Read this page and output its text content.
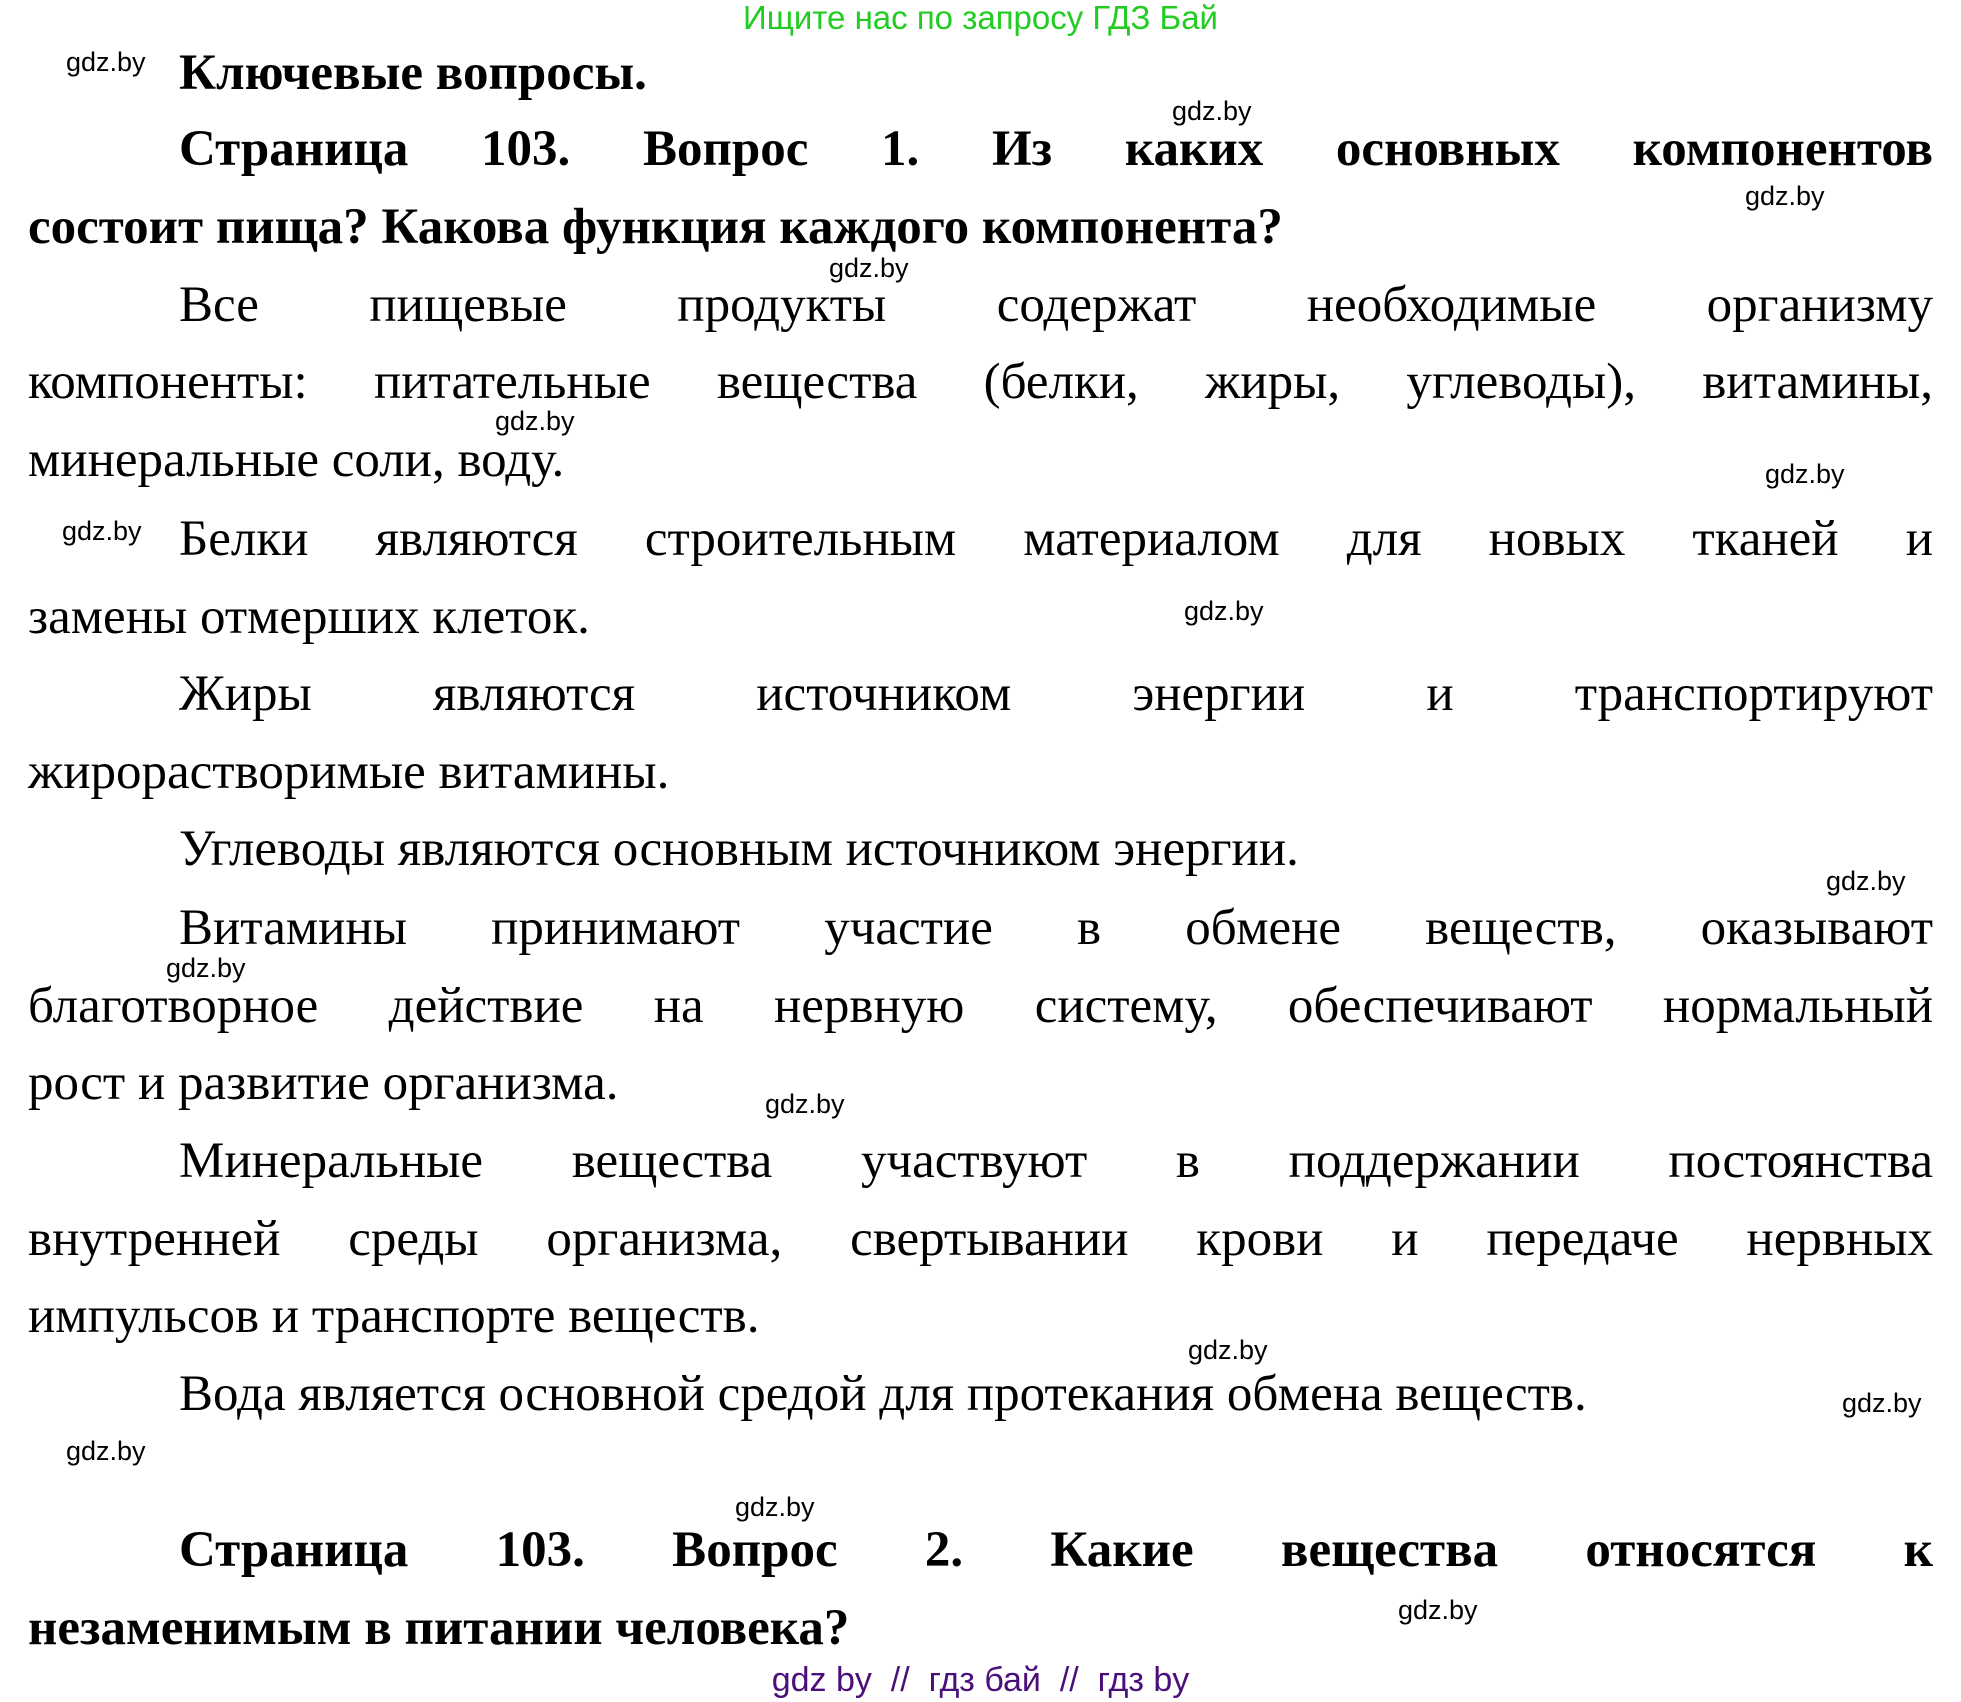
Ищите нас по запросу ГДЗ Бай
Ключевые вопросы.
Страница 103. Вопрос 1. Из каких основных компонентов
состоит пища? Какова функция каждого компонента?
Все пищевые продукты содержат необходимые организму
компоненты: питательные вещества (белки, жиры, углеводы), витамины,
минеральные соли, воду.
Белки являются строительным материалом для новых тканей и
замены отмерших клеток.
Жиры являются источником энергии и транспортируют
жирорастворимые витамины.
Углеводы являются основным источником энергии.
Витамины принимают участие в обмене веществ, оказывают
благотворное действие на нервную систему, обеспечивают нормальный
рост и развитие организма.
Минеральные вещества участвуют в поддержании постоянства
внутренней среды организма, свертывании крови и передаче нервных
импульсов и транспорте веществ.
Вода является основной средой для протекания обмена веществ.
Страница 103. Вопрос 2. Какие вещества относятся к
незаменимым в питании человека?
gdz.by
gdz.by
gdz.by
gdz.by
gdz.by
gdz.by
gdz.by
gdz.by
gdz.by
gdz.by
gdz.by
gdz.by
gdz.by
gdz.by
gdz.by
gdz.by
gdz by  //  гдз бай  //  гдз by
